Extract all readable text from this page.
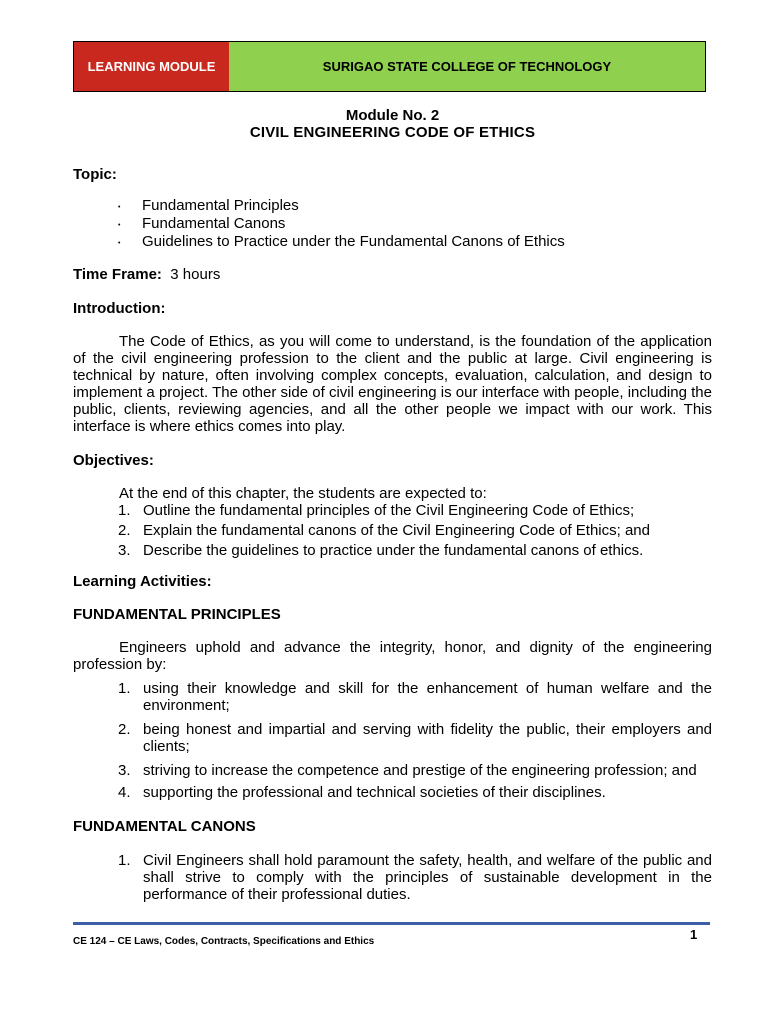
LEARNING MODULE	SURIGAO STATE COLLEGE OF TECHNOLOGY
Module No. 2
CIVIL ENGINEERING CODE OF ETHICS
Topic:
• Fundamental Principles
• Fundamental Canons
• Guidelines to Practice under the Fundamental Canons of Ethics
Time Frame: 3 hours
Introduction:

The Code of Ethics, as you will come to understand, is the foundation of the application of the civil engineering profession to the client and the public at large. Civil engineering is technical by nature, often involving complex concepts, evaluation, calculation, and design to implement a project. The other side of civil engineering is our interface with people, including the public, clients, reviewing agencies, and all the other people we impact with our work. This interface is where ethics comes into play.

Objectives:
At the end of this chapter, the students are expected to:
1. Outline the fundamental principles of the Civil Engineering Code of Ethics;
2. Explain the fundamental canons of the Civil Engineering Code of Ethics; and
3. Describe the guidelines to practice under the fundamental canons of ethics.
Learning Activities:
FUNDAMENTAL PRINCIPLES

Engineers uphold and advance the integrity, honor, and dignity of the engineering profession by:

1. using their knowledge and skill for the enhancement of human welfare and the environment;
2. being honest and impartial and serving with fidelity the public, their employers and clients;
3. striving to increase the competence and prestige of the engineering profession; and
4. supporting the professional and technical societies of their disciplines.
FUNDAMENTAL CANONS
1. Civil Engineers shall hold paramount the safety, health, and welfare of the public and shall strive to comply with the principles of sustainable development in the performance of their professional duties.
1
CE 124 – CE Laws, Codes, Contracts, Specifications and Ethics
